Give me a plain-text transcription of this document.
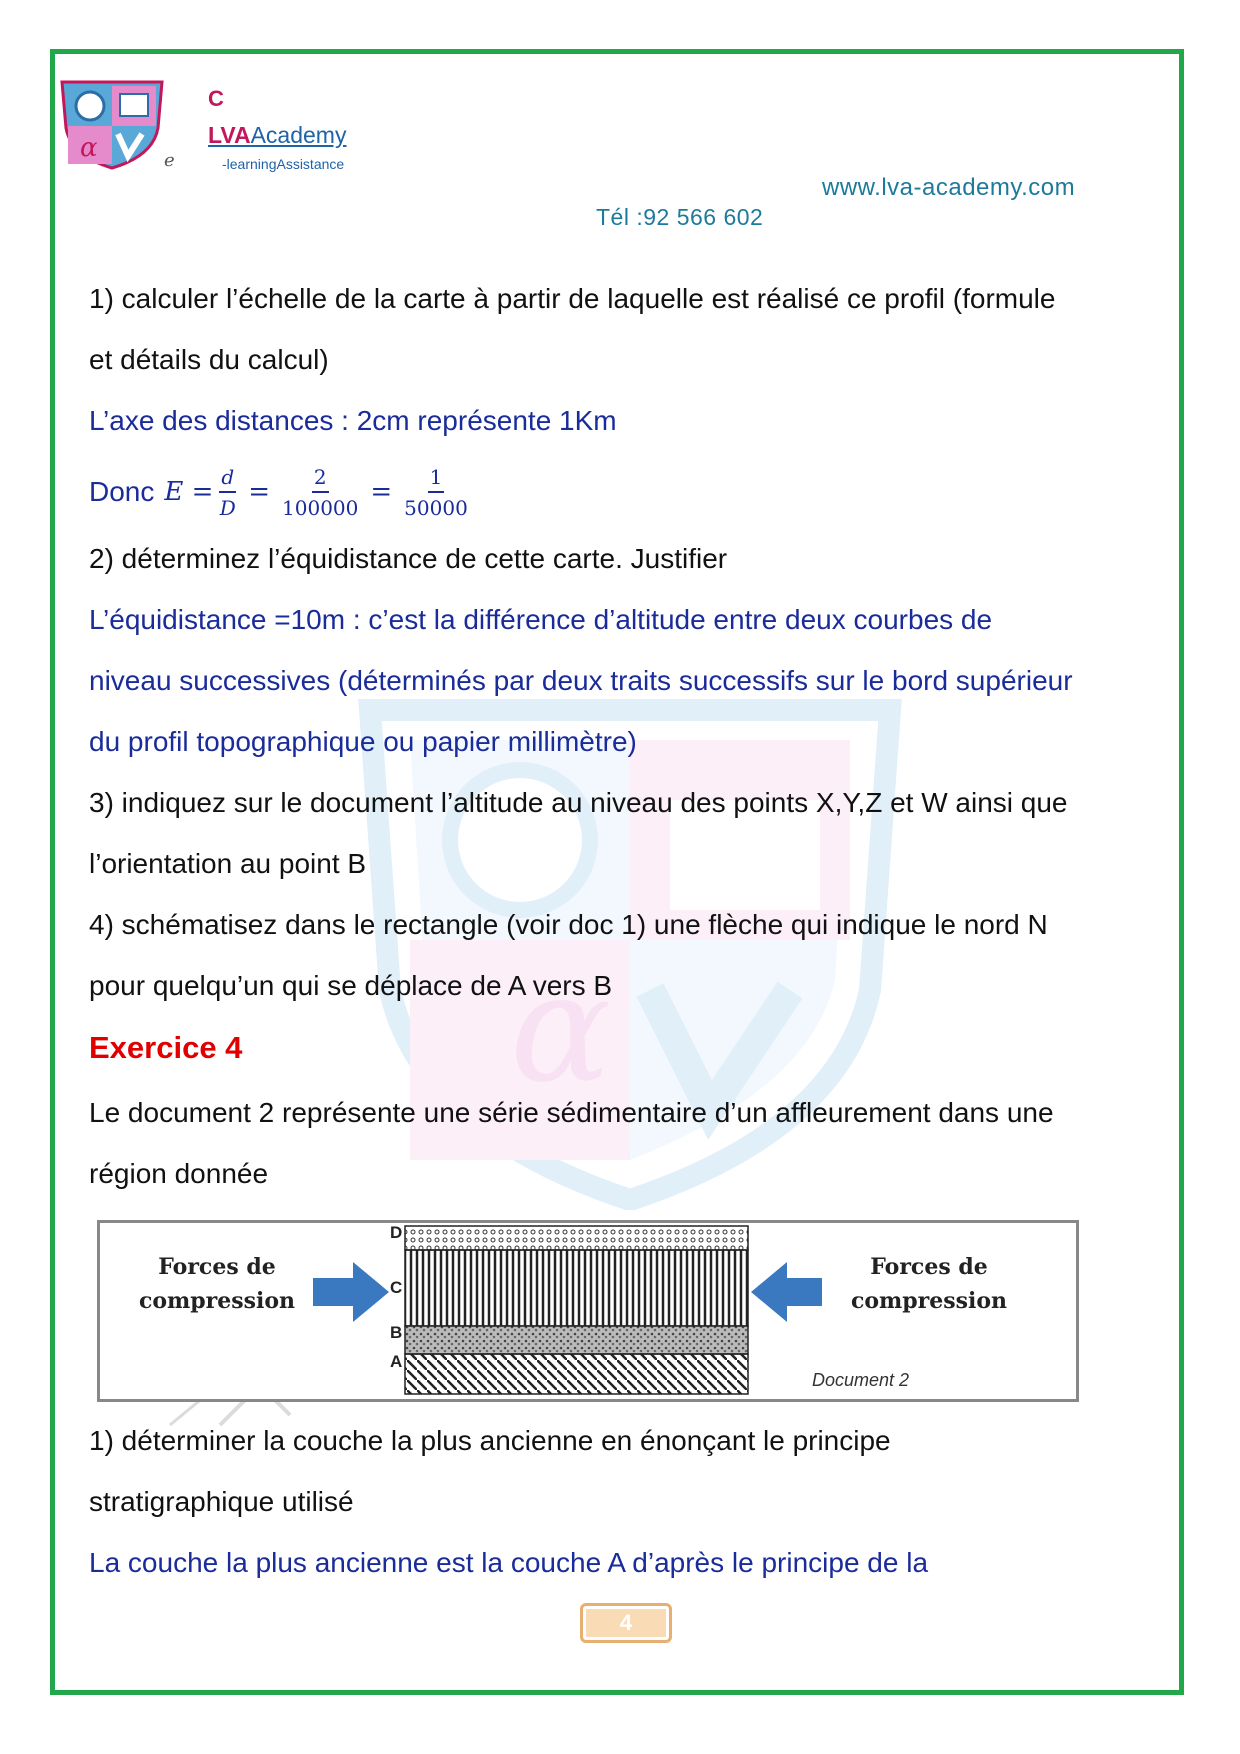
α
α
C
LVAAcademy
e	-learningAssistance
www.lva-academy.com
Tél :92 566 602
1) calculer l’échelle de la carte à partir de laquelle est réalisé ce profil (formule
et détails du calcul)
L’axe des distances : 2cm représente 1Km
Donc $E = \frac{d}{D} = \frac{2}{100000} = \frac{1}{50000}$
2) déterminez l’équidistance de cette carte. Justifier
L’équidistance =10m : c’est la différence d’altitude entre deux courbes de
niveau successives (déterminés par deux traits successifs sur le bord supérieur
du profil topographique ou papier millimètre)
3) indiquez sur le document l’altitude au niveau des points X,Y,Z et W ainsi que
l’orientation au point B
4) schématisez dans le rectangle (voir doc 1) une flèche qui indique le nord N
pour quelqu’un qui se déplace de A vers B
Exercice 4
Le document 2 représente une série sédimentaire d’un affleurement dans une
région donnée
Forces de
compression
Forces de
compression
D
C
B
A
Document 2
1) déterminer la couche la plus ancienne en énonçant le principe
stratigraphique utilisé
La couche la plus ancienne est la couche A d’après le principe de la
4
